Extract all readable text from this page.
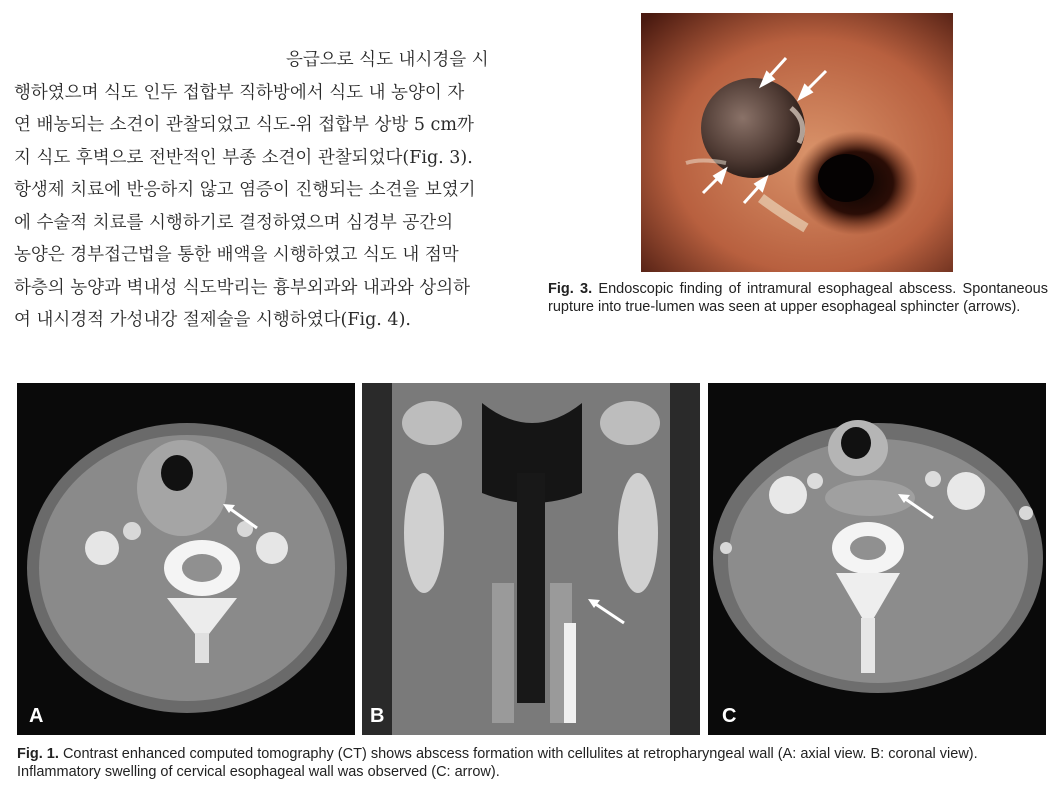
응급으로 식도 내시경을 시
행하였으며 식도 인두 접합부 직하방에서 식도 내 농양이 자
연 배농되는 소견이 관찰되었고 식도-위 접합부 상방 5 cm까
지 식도 후벽으로 전반적인 부종 소견이 관찰되었다(Fig. 3).
항생제 치료에 반응하지 않고 염증이 진행되는 소견을 보였기
에 수술적 치료를 시행하기로 결정하였으며 심경부 공간의
농양은 경부접근법을 통한 배액을 시행하였고 식도 내 점막
하층의 농양과 벽내성 식도박리는 흉부외과와 내과와 상의하
여 내시경적 가성내강 절제술을 시행하였다(Fig. 4).
Fig. 3. Endoscopic finding of intramural esophageal abscess. Spontaneous rupture into true-lumen was seen at upper esophageal sphincter (arrows).
A	B	C
Fig. 1. Contrast enhanced computed tomography (CT) shows abscess formation with cellulites at retropharyngeal wall (A: axial view. B: coronal view). Inflammatory swelling of cervical esophageal wall was observed (C: arrow).
